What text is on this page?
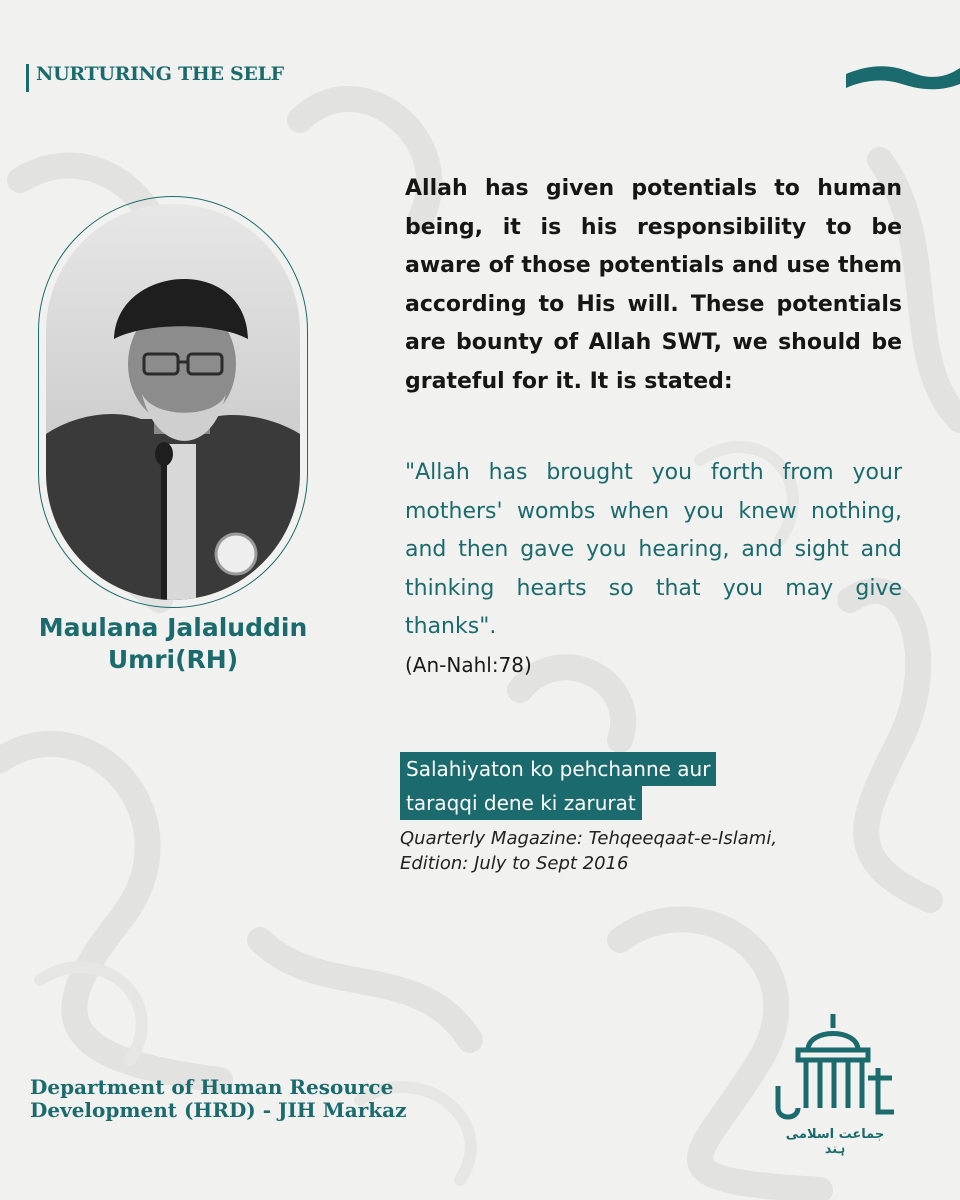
NURTURING THE SELF
Maulana Jalaluddin
Umri(RH)
Allah has given potentials to human being, it is his responsibility to be aware of those potentials and use them according to His will. These potentials are bounty of Allah SWT, we should be grateful for it. It is stated:
"Allah has brought you forth from your mothers' wombs when you knew nothing, and then gave you hearing, and sight and thinking hearts so that you may give thanks".
(An-Nahl:78)
Salahiyaton ko pehchanne aur
taraqqi dene ki zarurat
Quarterly Magazine: Tehqeeqaat-e-Islami,
Edition: July to Sept 2016
Department of Human Resource
Development (HRD) - JIH Markaz
جماعت اسلامی ہند
